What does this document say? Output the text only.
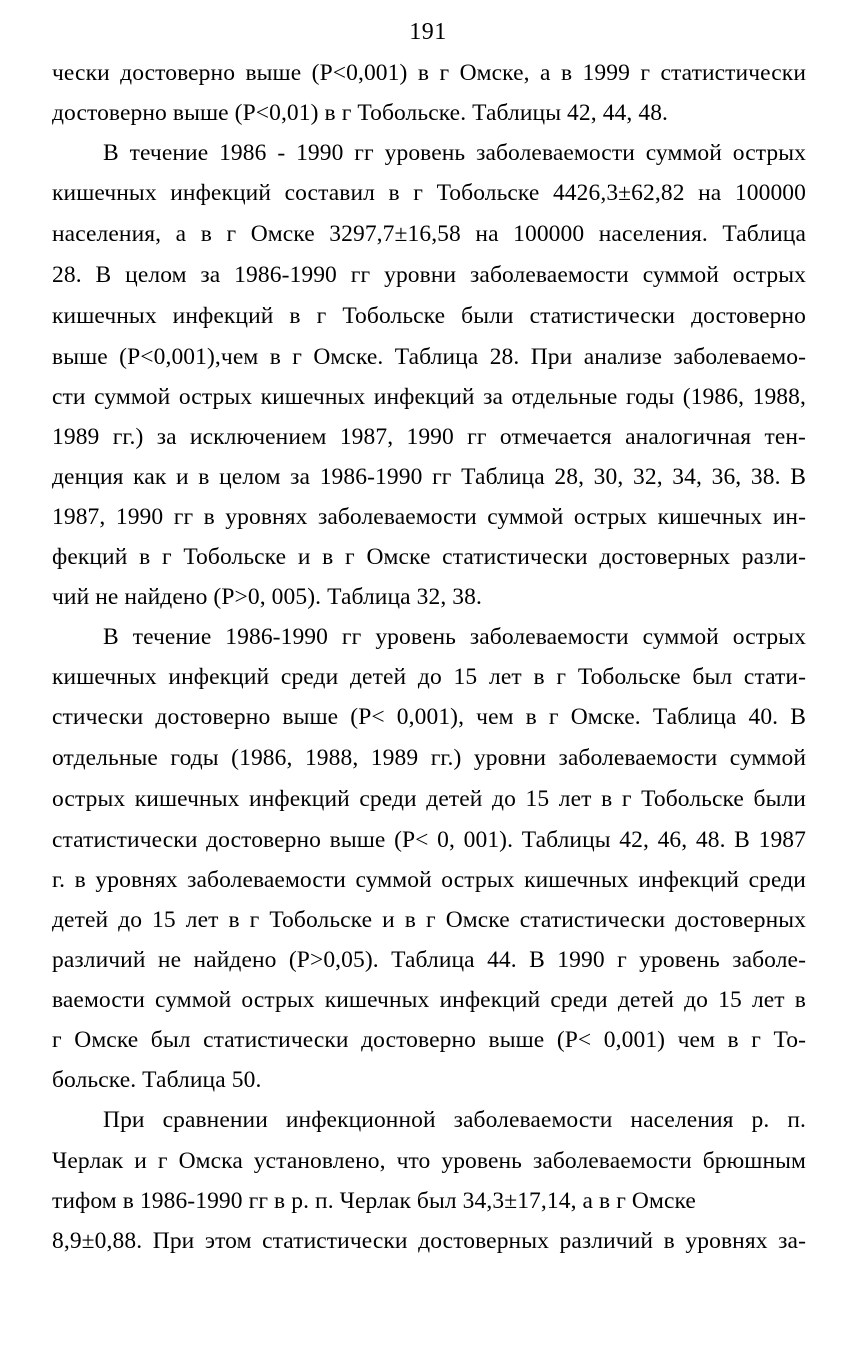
191
чески достоверно выше (Р<0,001) в г Омске, а в 1999 г статистически
достоверно выше (Р<0,01) в г Тобольске. Таблицы 42, 44, 48.
В течение 1986 - 1990 гг уровень заболеваемости суммой острых
кишечных инфекций составил в г Тобольске 4426,3±62,82 на 100000
населения, а в г Омске 3297,7±16,58 на 100000 населения. Таблица
28. В целом за 1986-1990 гг уровни заболеваемости суммой острых
кишечных инфекций в г Тобольске были статистически достоверно
выше (Р<0,001),чем в г Омске. Таблица 28. При анализе заболеваемо-
сти суммой острых кишечных инфекций за отдельные годы (1986, 1988,
1989 гг.) за исключением 1987, 1990 гг отмечается аналогичная тен-
денция как и в целом за 1986-1990 гг Таблица 28, 30, 32, 34, 36, 38. В
1987, 1990 гг в уровнях заболеваемости суммой острых кишечных ин-
фекций в г Тобольске и в г Омске статистически достоверных разли-
чий не найдено (Р>0, 005). Таблица 32, 38.
В течение 1986-1990 гг уровень заболеваемости суммой острых
кишечных инфекций среди детей до 15 лет в г Тобольске был стати-
стически достоверно выше (Р< 0,001), чем в г Омске. Таблица 40. В
отдельные годы (1986, 1988, 1989 гг.) уровни заболеваемости суммой
острых кишечных инфекций среди детей до 15 лет в г Тобольске были
статистически достоверно выше (Р< 0, 001). Таблицы 42, 46, 48. В 1987
г. в уровнях заболеваемости суммой острых кишечных инфекций среди
детей до 15 лет в г Тобольске и в г Омске статистически достоверных
различий не найдено (Р>0,05). Таблица 44. В 1990 г уровень заболе-
ваемости суммой острых кишечных инфекций среди детей до 15 лет в
г Омске был статистически достоверно выше (Р< 0,001) чем в г То-
больске. Таблица 50.
При сравнении инфекционной заболеваемости населения р. п.
Черлак и г Омска установлено, что уровень заболеваемости брюшным
тифом в 1986-1990 гг в р. п. Черлак был 34,3±17,14, а в г Омске
8,9±0,88. При этом статистически достоверных различий в уровнях за-
